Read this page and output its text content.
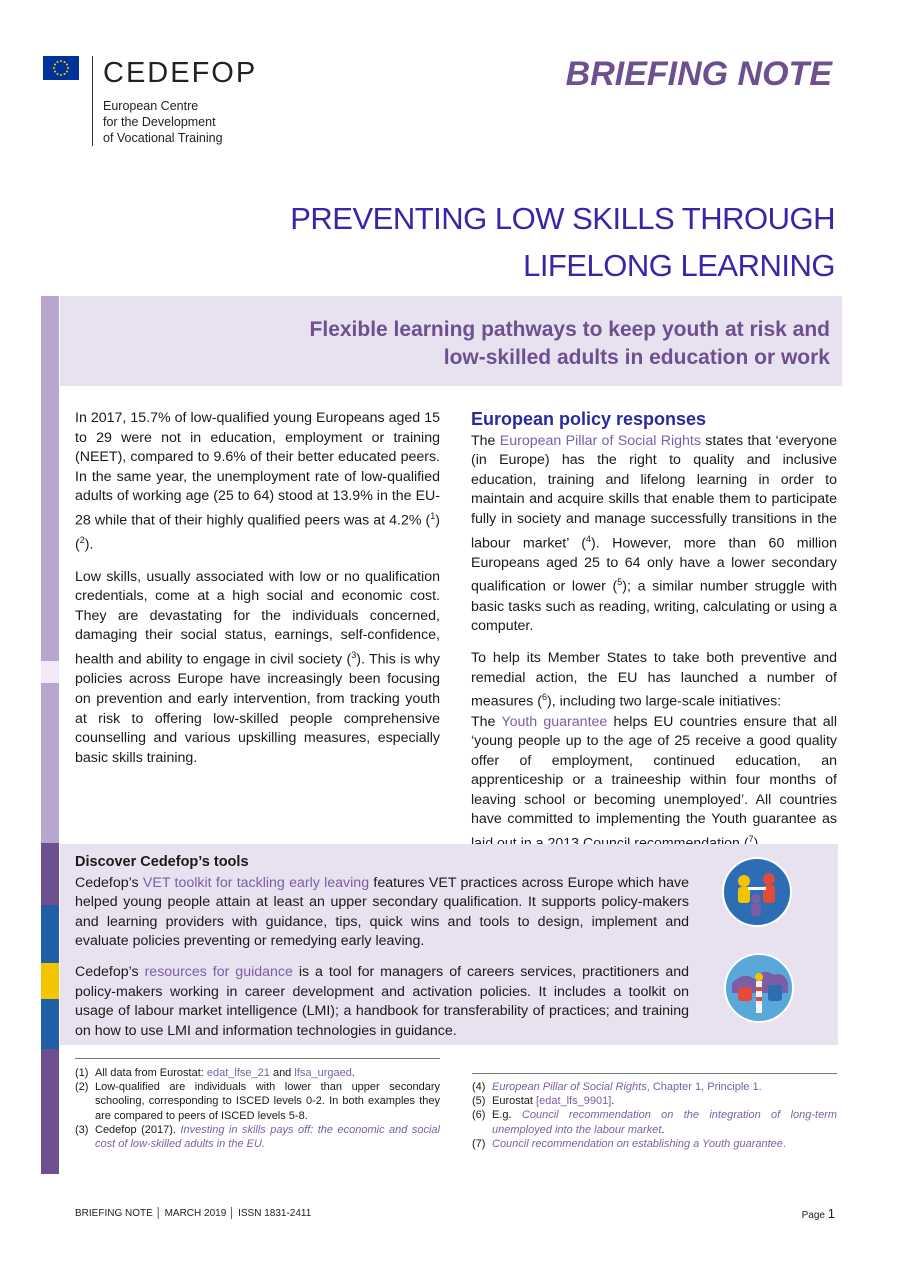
CEDEFOP
European Centre
for the Development
of Vocational Training
BRIEFING NOTE
PREVENTING LOW SKILLS THROUGH
LIFELONG LEARNING
Flexible learning pathways to keep youth at risk and
low-skilled adults in education or work

In 2017, 15.7% of low-qualified young Europeans aged 15 to 29 were not in education, employment or training (NEET), compared to 9.6% of their better educated peers. In the same year, the unemployment rate of low-qualified adults of working age (25 to 64) stood at 13.9% in the EU-28 while that of their highly qualified peers was at 4.2% ($^1$) ($^2$).

Low skills, usually associated with low or no qualification credentials, come at a high social and economic cost. They are devastating for the individuals concerned, damaging their social status, earnings, self-confidence, health and ability to engage in civil society ($^3$). This is why policies across Europe have increasingly been focusing on prevention and early intervention, from tracking youth at risk to offering low-skilled people comprehensive counselling and various upskilling measures, especially basic skills training.

European policy responses

The European Pillar of Social Rights states that ‘everyone (in Europe) has the right to quality and inclusive education, training and lifelong learning in order to maintain and acquire skills that enable them to participate fully in society and manage successfully transitions in the labour market’ ($^4$). However, more than 60 million Europeans aged 25 to 64 only have a lower secondary qualification or lower ($^5$); a similar number struggle with basic tasks such as reading, writing, calculating or using a computer.

To help its Member States to take both preventive and remedial action, the EU has launched a number of measures ($^6$), including two large-scale initiatives:

The Youth guarantee helps EU countries ensure that all ‘young people up to the age of 25 receive a good quality offer of employment, continued education, an apprenticeship or a traineeship within four months of leaving school or becoming unemployed’. All countries have committed to implementing the Youth guarantee as $^7$

Discover Cedefop’s tools

Cedefop’s VET toolkit for tackling early leaving features VET practices across Europe which have helped young people attain at least an upper secondary qualification. It supports policy-makers and learning providers with guidance, tips, quick wins and tools to design, implement and evaluate policies preventing or remedying early leaving.

Cedefop’s resources for guidance is a tool for managers of careers services, practitioners and policy-makers working in career development and activation policies. It includes a toolkit on usage of labour market intelligence (LMI); a handbook for transferability of practices; and training on how to use LMI and information technologies in guidance.

(1) All data from Eurostat: edat_lfse_21 and lfsa_urgaed.
(2) Low-qualified are individuals with lower than upper secondary schooling, corresponding to ISCED levels 0-2. In both examples they are compared to peers of ISCED levels 5-8.
(3) Cedefop (2017). Investing in skills pays off: the economic and social cost of low-skilled adults in the EU.
(4) European Pillar of Social Rights, Chapter 1, Principle 1.
(5) Eurostat [edat_lfs_9901].
(6) E.g. Council recommendation on the integration of long-term unemployed into the labour market.
(7) Council recommendation on establishing a Youth guarantee.
BRIEFING NOTE │ MARCH 2019 │ ISSN 1831-2411	Page 1
